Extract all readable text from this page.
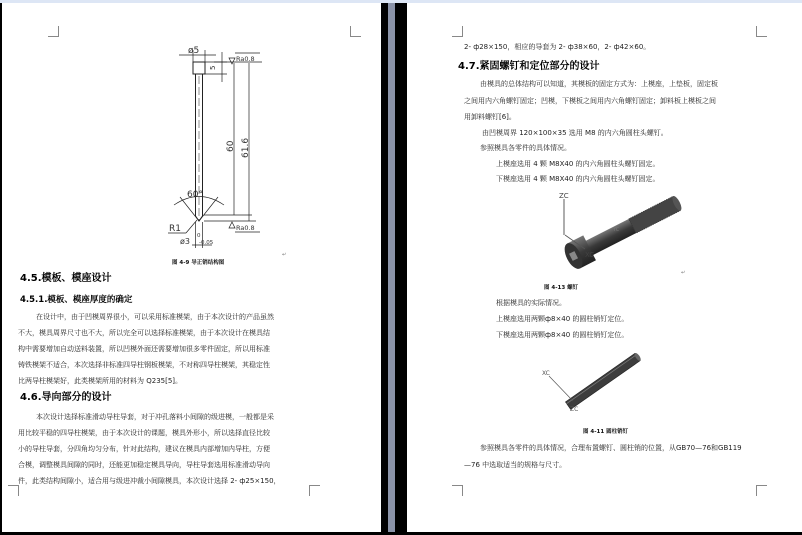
ø5
Ra0.8
Ra0.8
5
60 61.6
60°
R1
ø3
0
-0.05
图 4-9 导正销结构图
↵
4.5.模板、模座设计
4.5.1.模板、模座厚度的确定
在设计中，由于凹模周界很小，可以采用标准模架，由于本次设计的产品虽然
不大，模具周界尺寸也不大，所以完全可以选择标准模架，由于本次设计在模具结
构中需要增加自动送料装置，所以凹模外面还需要增加很多零件固定，所以用标准
铸铁模架不适合，本次选择非标准四导柱钢板模架，不对称四导柱模架，其稳定性
比两导柱模架好，此类模架所用的材料为 Q235[5]。
4.6.导向部分的设计
本次设计选择标准滑动导柱导套，对于冲孔落料小间隙的级进模，一般都是采
用比较平稳的四导柱模架，由于本次设计的课题，模具外形小，所以选择直径比较
小的导柱导套，分四角均匀分布，针对此结构，建议在模具内部增加内导柱，方便
合模，调整模具间隙的同时，还能更加稳定模具导向，导柱导套选用标准滑动导向
件，此类结构间隙小，适合用与级进冲裁小间隙模具，本次设计选择 2- ф25×150，
2- ф28×150，相应的导套为 2- ф38×60，2- ф42×60。
4.7.紧固螺钉和定位部分的设计
由模具的总体结构可以知道，其模板的固定方式为：上模座，上垫板，固定板
之间用内六角螺钉固定；凹模，下模板之间用内六角螺钉固定；卸料板上模板之间
用卸料螺钉[6]。
由凹模周界 120×100×35 选用 M8 的内六角圆柱头螺钉。
参照模具各零件的具体情况。
上模座选用 4 颗 M8X40 的内六角圆柱头螺钉固定。
下模座选用 4 颗 M8X40 的内六角圆柱头螺钉固定。
ZC
XC
YC
↵
图 4-13 螺钉
根据模具的实际情况。
上模座选用两颗ф8×40 的圆柱销钉定位。
下模座选用两颗ф8×40 的圆柱销钉定位。
XC
ZC
图 4-11 圆柱销钉
参照模具各零件的具体情况，合理布置螺钉、圆柱销的位置，从GB70—76和GB119
—76 中选取适当的规格与尺寸。
